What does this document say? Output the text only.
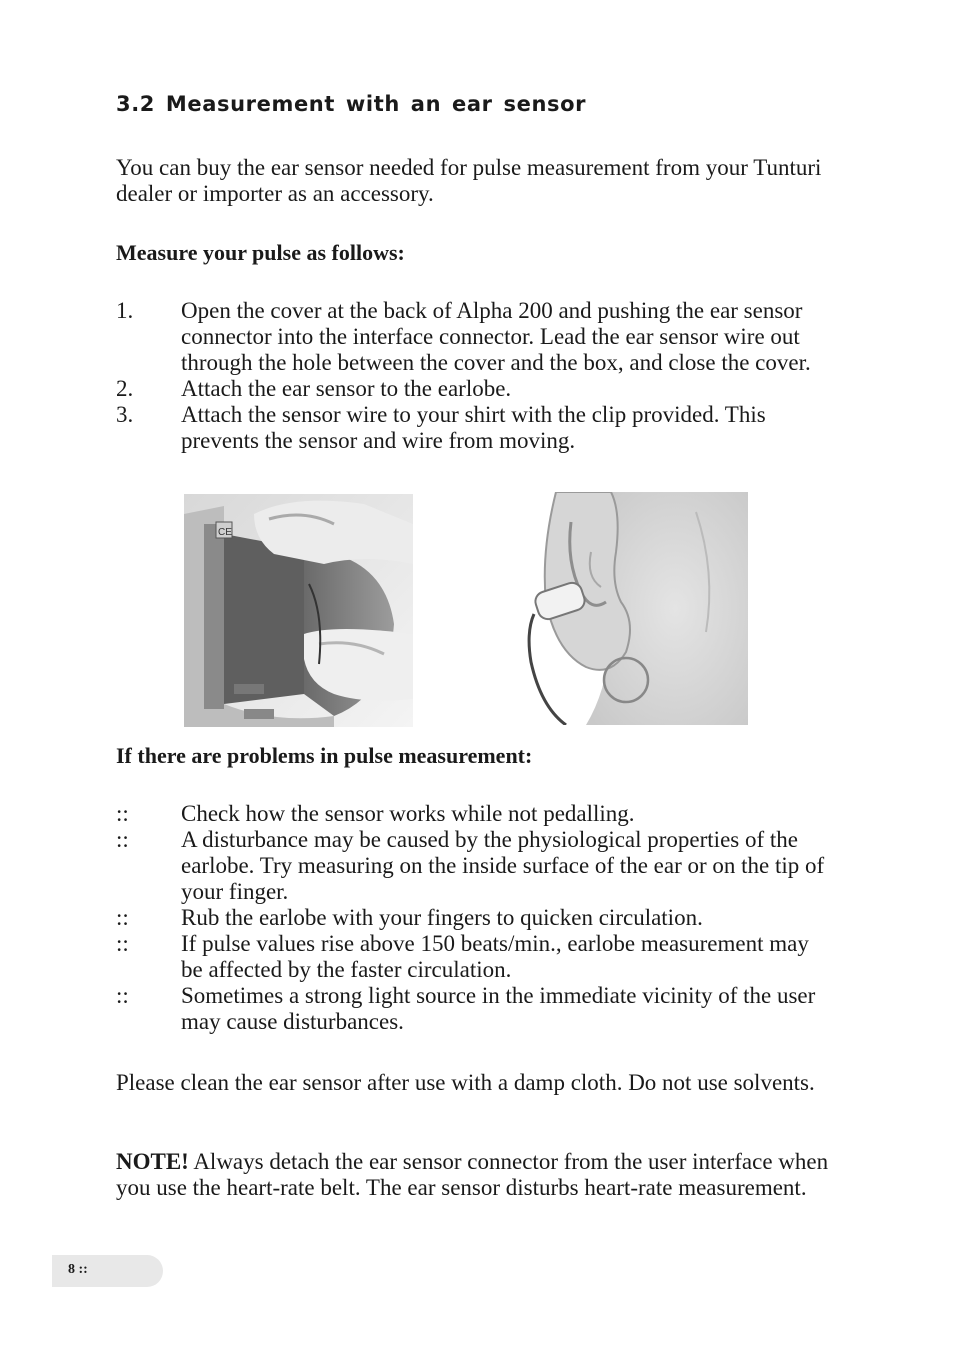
3.2 Measurement with an ear sensor

You can buy the ear sensor needed for pulse measurement from your Tunturi dealer or importer as an accessory.

Measure your pulse as follows:

1.	Open the cover at the back of Alpha 200 and pushing the ear sensor connector into the interface connector. Lead the ear sensor wire out through the hole between the cover and the box, and close the cover.
2.	Attach the ear sensor to the earlobe.
3.	Attach the sensor wire to your shirt with the clip provided. This prevents the sensor and wire from moving.
CE

If there are problems in pulse measurement:

::	Check how the sensor works while not pedalling.
::	A disturbance may be caused by the physiological properties of the earlobe. Try measuring on the inside surface of the ear or on the tip of your finger.
::	Rub the earlobe with your fingers to quicken circulation.
::	If pulse values rise above 150 beats/min., earlobe measurement may be affected by the faster circulation.
::	Sometimes a strong light source in the immediate vicinity of the user may cause disturbances.

Please clean the ear sensor after use with a damp cloth. Do not use solvents.

NOTE! Always detach the ear sensor connector from the user interface when you use the heart-rate belt. The ear sensor disturbs heart-rate measurement.

8 ::
